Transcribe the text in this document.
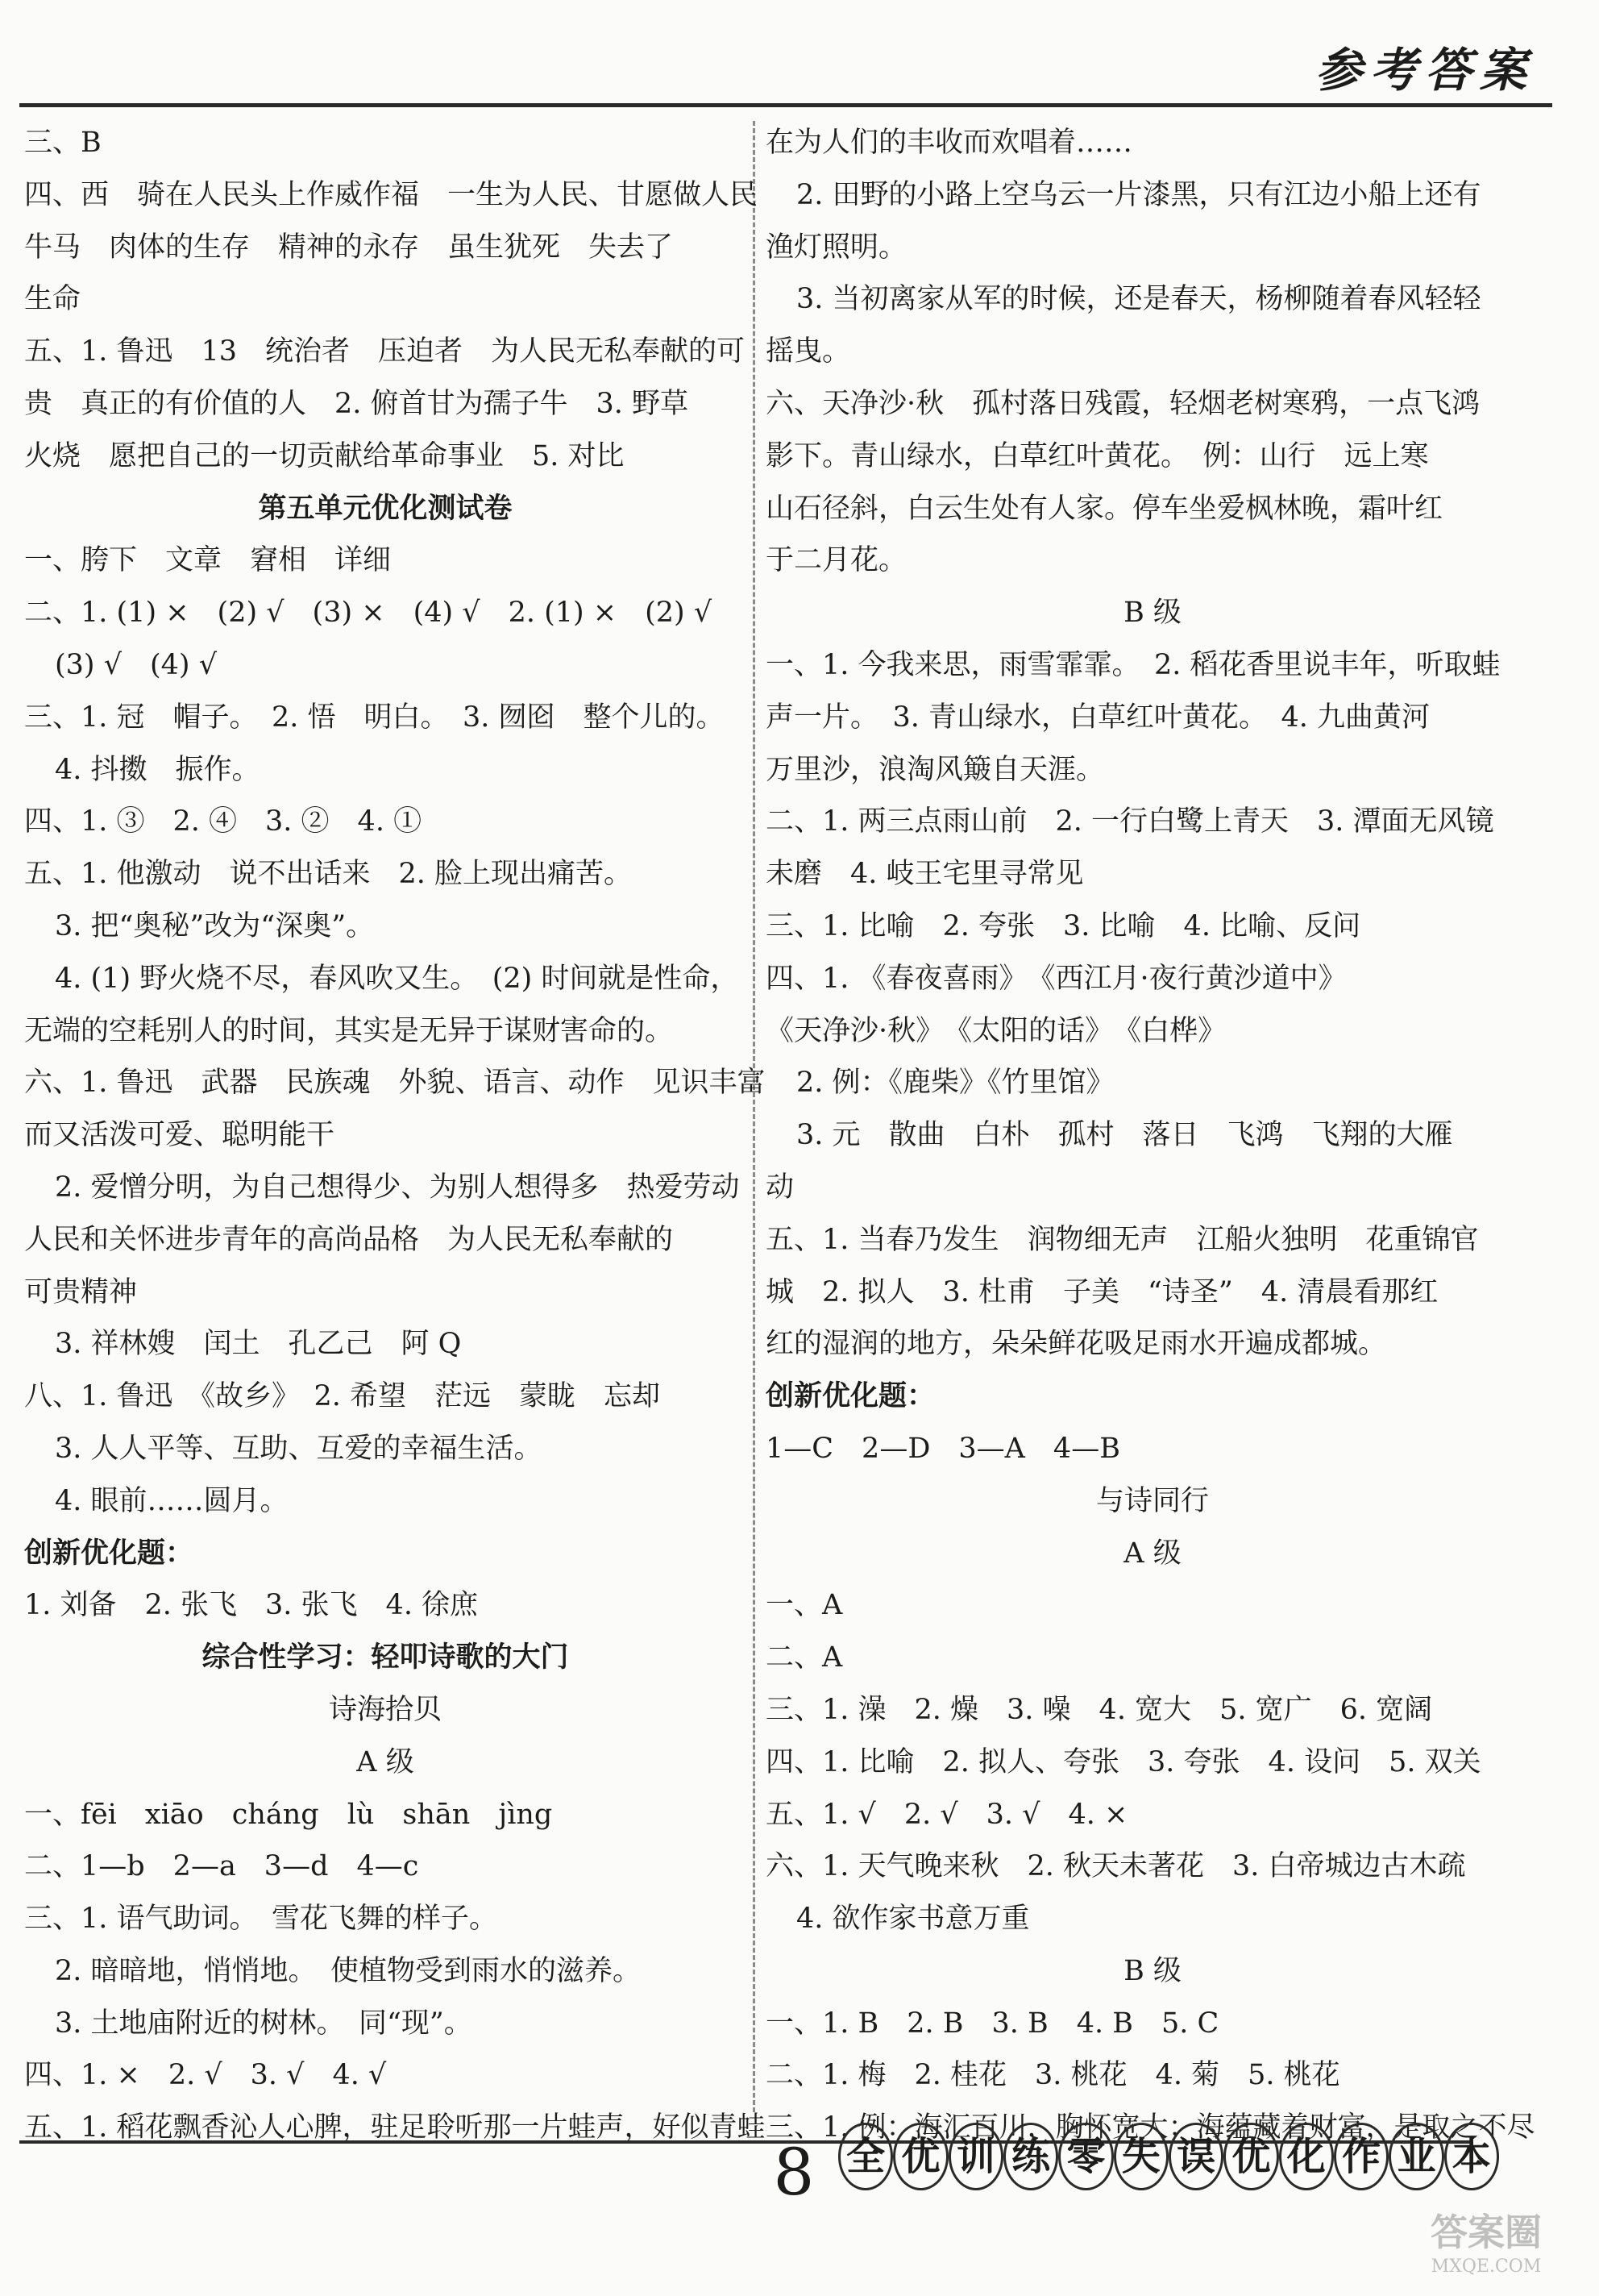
参考答案
三、B
四、西　骑在人民头上作威作福　一生为人民、甘愿做人民
牛马　肉体的生存　精神的永存　虽生犹死　失去了
生命
五、1. 鲁迅　13　统治者　压迫者　为人民无私奉献的可
贵　真正的有价值的人　2. 俯首甘为孺子牛　3. 野草
火烧　愿把自己的一切贡献给革命事业　5. 对比
第五单元优化测试卷
一、胯下　文章　窘相　详细
二、1. (1) ×　(2) √　(3) ×　(4) √　2. (1) ×　(2) √
(3) √　(4) √
三、1. 冠　帽子。　2. 悟　明白。　3. 囫囵　整个儿的。
4. 抖擞　振作。
四、1. ③　2. ④　3. ②　4. ①
五、1. 他激动　说不出话来　2. 脸上现出痛苦。
3. 把“奥秘”改为“深奥”。
4. (1) 野火烧不尽，春风吹又生。　(2) 时间就是性命，
无端的空耗别人的时间，其实是无异于谋财害命的。
六、1. 鲁迅　武器　民族魂　外貌、语言、动作　见识丰富
而又活泼可爱、聪明能干
2. 爱憎分明，为自己想得少、为别人想得多　热爱劳动
人民和关怀进步青年的高尚品格　为人民无私奉献的
可贵精神
3. 祥林嫂　闰土　孔乙己　阿 Q
八、1. 鲁迅　《故乡》　2. 希望　茫远　蒙眬　忘却
3. 人人平等、互助、互爱的幸福生活。
4. 眼前……圆月。
创新优化题：
1. 刘备　2. 张飞　3. 张飞　4. 徐庶
综合性学习：轻叩诗歌的大门
诗海拾贝
A 级
一、fēi　xiāo　cháng　lù　shān　jìng
二、1—b　2—a　3—d　4—c
三、1. 语气助词。　雪花飞舞的样子。
2. 暗暗地，悄悄地。　使植物受到雨水的滋养。
3. 土地庙附近的树林。　同“现”。
四、1. ×　2. √　3. √　4. √
五、1. 稻花飘香沁人心脾，驻足聆听那一片蛙声，好似青蛙
在为人们的丰收而欢唱着……
2. 田野的小路上空乌云一片漆黑，只有江边小船上还有
渔灯照明。
3. 当初离家从军的时候，还是春天，杨柳随着春风轻轻
摇曳。
六、天净沙·秋　孤村落日残霞，轻烟老树寒鸦，一点飞鸿
影下。青山绿水，白草红叶黄花。　例：山行　远上寒
山石径斜，白云生处有人家。停车坐爱枫林晚，霜叶红
于二月花。
B 级
一、1. 今我来思，雨雪霏霏。　2. 稻花香里说丰年，听取蛙
声一片。　3. 青山绿水，白草红叶黄花。　4. 九曲黄河
万里沙，浪淘风簸自天涯。
二、1. 两三点雨山前　2. 一行白鹭上青天　3. 潭面无风镜
未磨　4. 岐王宅里寻常见
三、1. 比喻　2. 夸张　3. 比喻　4. 比喻、反问
四、1. 《春夜喜雨》　《西江月·夜行黄沙道中》
《天净沙·秋》　《太阳的话》　《白桦》
2. 例：《鹿柴》《竹里馆》
3. 元　散曲　白朴　孤村　落日　飞鸿　飞翔的大雁
动
五、1. 当春乃发生　润物细无声　江船火独明　花重锦官
城　2. 拟人　3. 杜甫　子美　“诗圣”　4. 清晨看那红
红的湿润的地方，朵朵鲜花吸足雨水开遍成都城。
创新优化题：
1—C　2—D　3—A　4—B
与诗同行
A 级
一、A
二、A
三、1. 澡　2. 燥　3. 噪　4. 宽大　5. 宽广　6. 宽阔
四、1. 比喻　2. 拟人、夸张　3. 夸张　4. 设问　5. 双关
五、1. √　2. √　3. √　4. ×
六、1. 天气晚来秋　2. 秋天未著花　3. 白帝城边古木疏
4. 欲作家书意万重
B 级
一、1. B　2. B　3. B　4. B　5. C
二、1. 梅　2. 桂花　3. 桃花　4. 菊　5. 桃花
三、1. 例：海汇百川，胸怀宽大；海蕴藏着财富，是取之不尽
8 全 优 训 练 零 失 误 优 化 作 业 本
答案圈
MXQE.COM
